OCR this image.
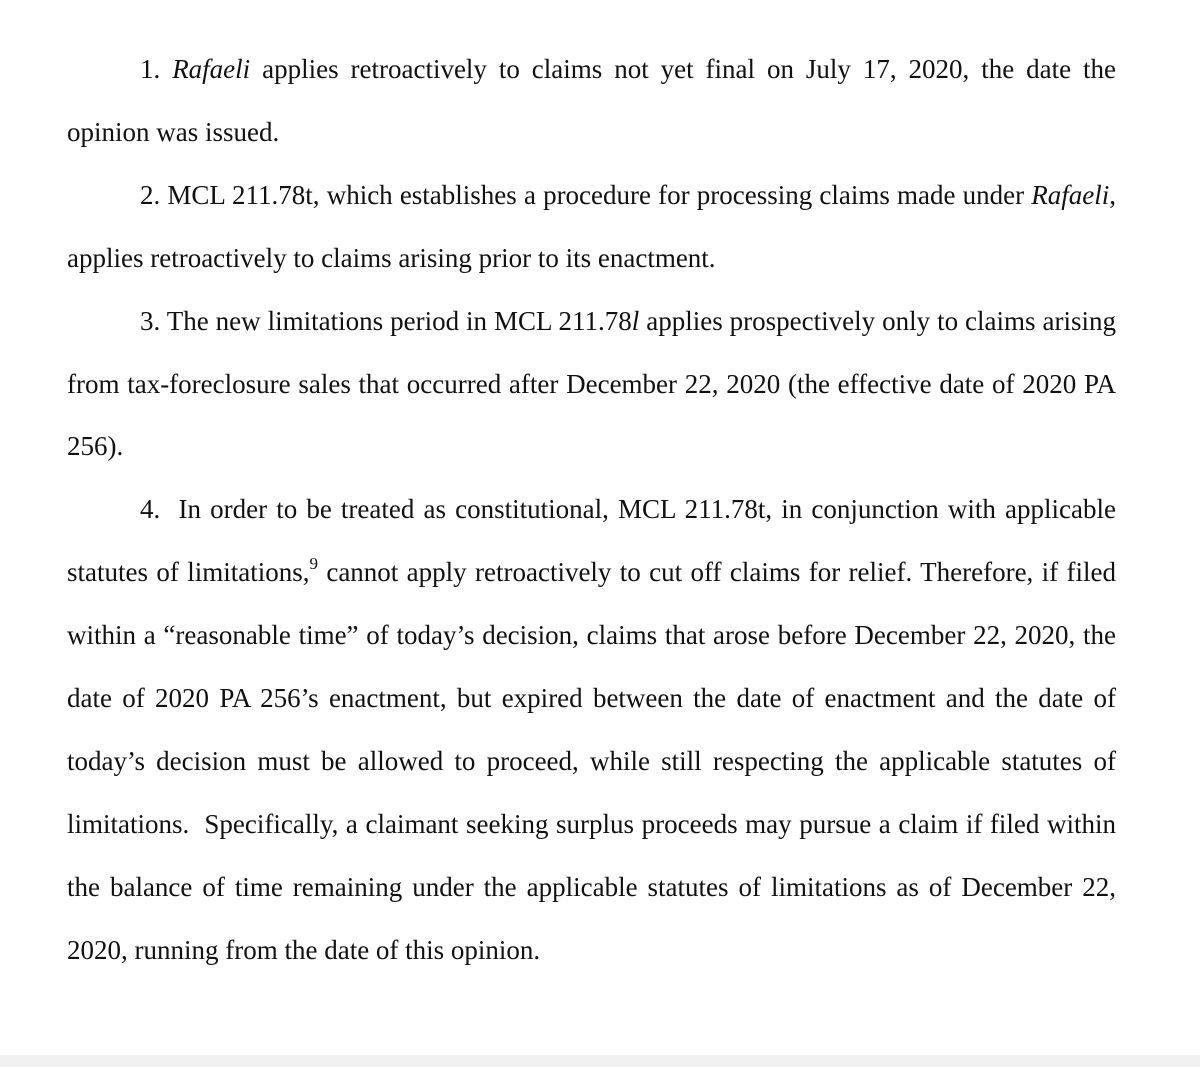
1. Rafaeli applies retroactively to claims not yet final on July 17, 2020, the date the opinion was issued.

2. MCL 211.78t, which establishes a procedure for processing claims made under Rafaeli, applies retroactively to claims arising prior to its enactment.

3. The new limitations period in MCL 211.78l applies prospectively only to claims arising from tax-foreclosure sales that occurred after December 22, 2020 (the effective date of 2020 PA 256).

4.  In order to be treated as constitutional, MCL 211.78t, in conjunction with applicable statutes of limitations,$^9$ cannot apply retroactively to cut off claims for relief. Therefore, if filed within a “reasonable time” of today’s decision, claims that arose before December 22, 2020, the date of 2020 PA 256’s enactment, but expired between the date of enactment and the date of today’s decision must be allowed to proceed, while still respecting the applicable statutes of limitations.  Specifically, a claimant seeking surplus proceeds may pursue a claim if filed within the balance of time remaining under the applicable statutes of limitations as of December 22, 2020, running from the date of this opinion.
